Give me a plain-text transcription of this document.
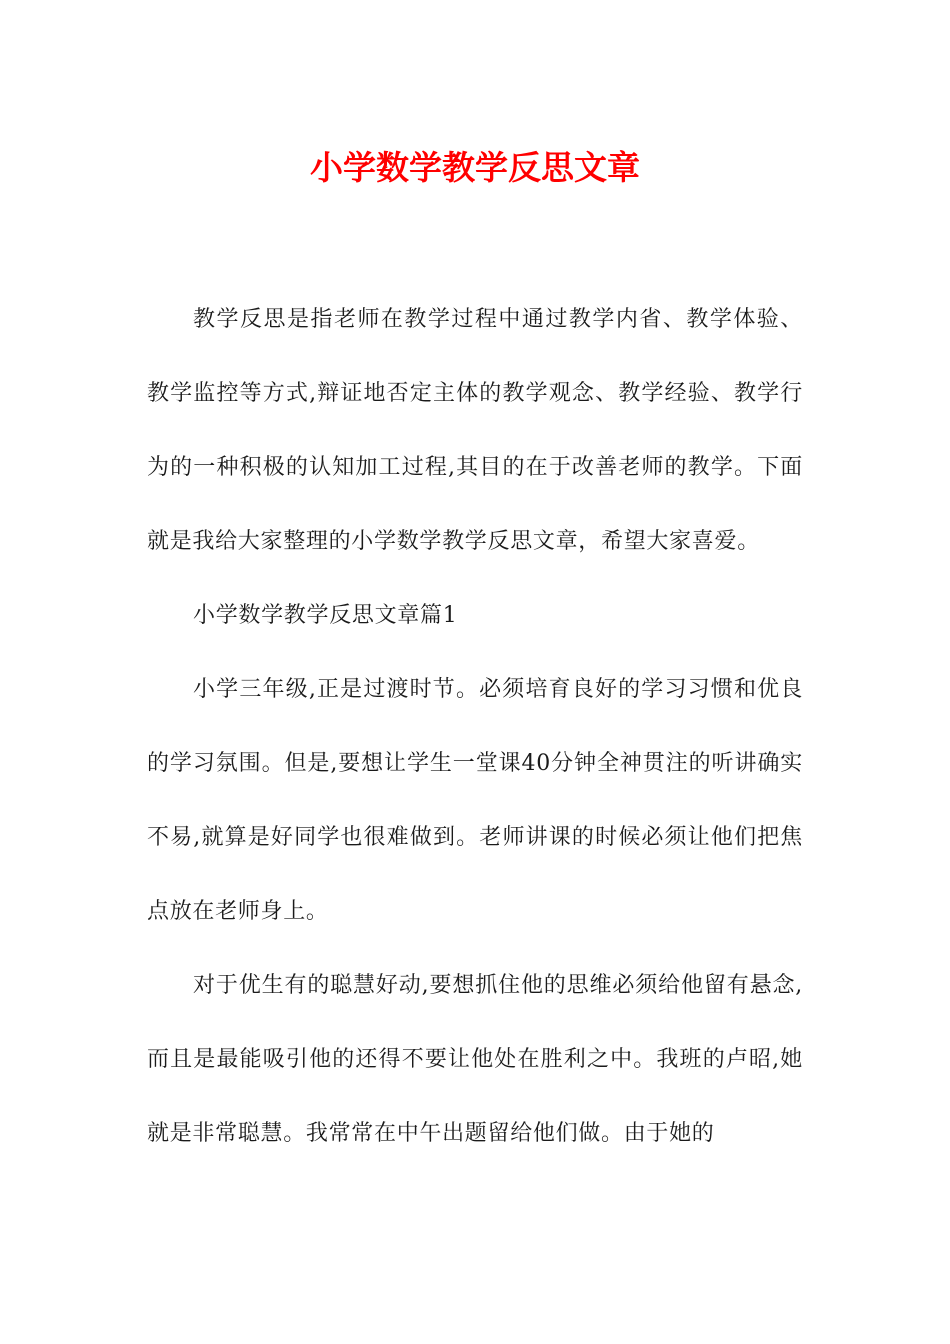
小学数学教学反思文章

教学反思是指老师在教学过程中通过教学内省、教学体验、教学监控等方式,辩证地否定主体的教学观念、教学经验、教学行为的一种积极的认知加工过程,其目的在于改善老师的教学。下面就是我给大家整理的小学数学教学反思文章，希望大家喜爱。

小学数学教学反思文章篇1

小学三年级,正是过渡时节。必须培育良好的学习习惯和优良的学习氛围。但是,要想让学生一堂课40分钟全神贯注的听讲确实不易,就算是好同学也很难做到。老师讲课的时候必须让他们把焦点放在老师身上。

对于优生有的聪慧好动,要想抓住他的思维必须给他留有悬念,而且是最能吸引他的还得不要让他处在胜利之中。我班的卢昭,她就是非常聪慧。我常常在中午出题留给他们做。由于她的
